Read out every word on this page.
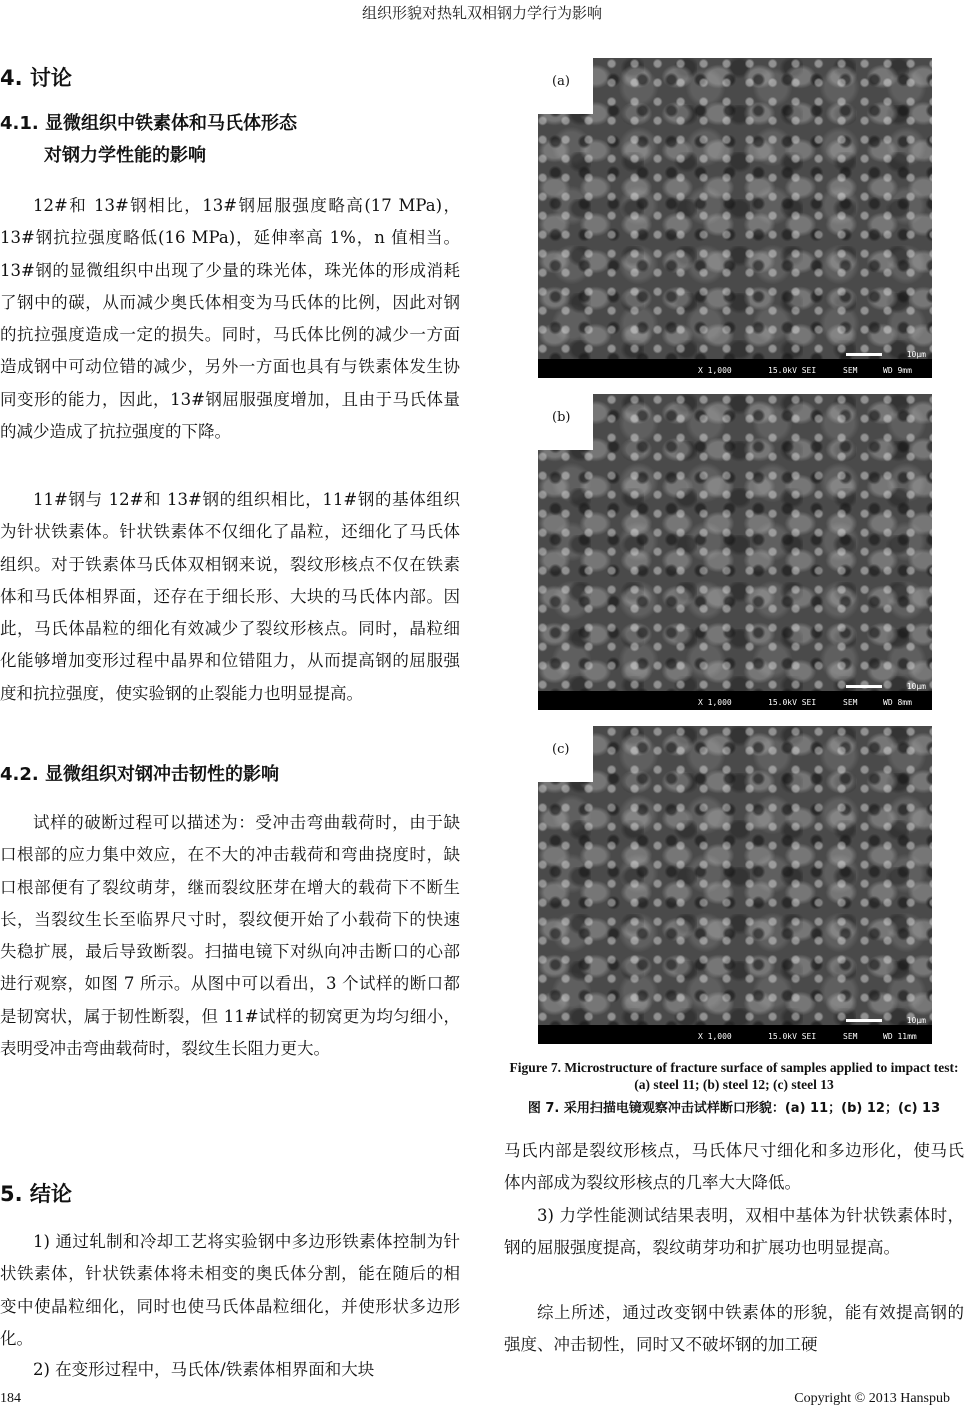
组织形貌对热轧双相钢力学行为影响
4. 讨论
4.1. 显微组织中铁素体和马氏体形态
对钢力学性能的影响

12#和 13#钢相比，13#钢屈服强度略高(17 MPa)，13#钢抗拉强度略低(16 MPa)，延伸率高 1%，n 值相当。13#钢的显微组织中出现了少量的珠光体，珠光体的形成消耗了钢中的碳，从而减少奥氏体相变为马氏体的比例，因此对钢的抗拉强度造成一定的损失。同时，马氏体比例的减少一方面造成钢中可动位错的减少，另外一方面也具有与铁素体发生协同变形的能力，因此，13#钢屈服强度增加，且由于马氏体量的减少造成了抗拉强度的下降。

11#钢与 12#和 13#钢的组织相比，11#钢的基体组织为针状铁素体。针状铁素体不仅细化了晶粒，还细化了马氏体组织。对于铁素体马氏体双相钢来说，裂纹形核点不仅在铁素体和马氏体相界面，还存在于细长形、大块的马氏体内部。因此，马氏体晶粒的细化有效减少了裂纹形核点。同时，晶粒细化能够增加变形过程中晶界和位错阻力，从而提高钢的屈服强度和抗拉强度，使实验钢的止裂能力也明显提高。

4.2. 显微组织对钢冲击韧性的影响

试样的破断过程可以描述为：受冲击弯曲载荷时，由于缺口根部的应力集中效应，在不大的冲击载荷和弯曲挠度时，缺口根部便有了裂纹萌芽，继而裂纹胚芽在增大的载荷下不断生长，当裂纹生长至临界尺寸时，裂纹便开始了小载荷下的快速失稳扩展，最后导致断裂。扫描电镜下对纵向冲击断口的心部进行观察，如图 7 所示。从图中可以看出，3 个试样的断口都是韧窝状，属于韧性断裂，但 11#试样的韧窝更为均匀细小，表明受冲击弯曲载荷时，裂纹生长阻力更大。

5. 结论

1) 通过轧制和冷却工艺将实验钢中多边形铁素体控制为针状铁素体，针状铁素体将未相变的奥氏体分割，能在随后的相变中使晶粒细化，同时也使马氏体晶粒细化，并使形状多边形化。

2) 在变形过程中，马氏体/铁素体相界面和大块

(a)
10μm
X 1,000	15.0kV SEI	SEM	WD 9mm
(b)
10μm
X 1,000	15.0kV SEI	SEM	WD 8mm
(c)
10μm
X 1,000	15.0kV SEI	SEM	WD 11mm
Figure 7. Microstructure of fracture surface of samples applied to impact test: (a) steel 11; (b) steel 12; (c) steel 13
图 7. 采用扫描电镜观察冲击试样断口形貌：(a) 11；(b) 12；(c) 13

马氏内部是裂纹形核点，马氏体尺寸细化和多边形化，使马氏体内部成为裂纹形核点的几率大大降低。

3) 力学性能测试结果表明，双相中基体为针状铁素体时，钢的屈服强度提高，裂纹萌芽功和扩展功也明显提高。

综上所述，通过改变钢中铁素体的形貌，能有效提高钢的强度、冲击韧性，同时又不破坏钢的加工硬

184	Copyright © 2013 Hanspub
